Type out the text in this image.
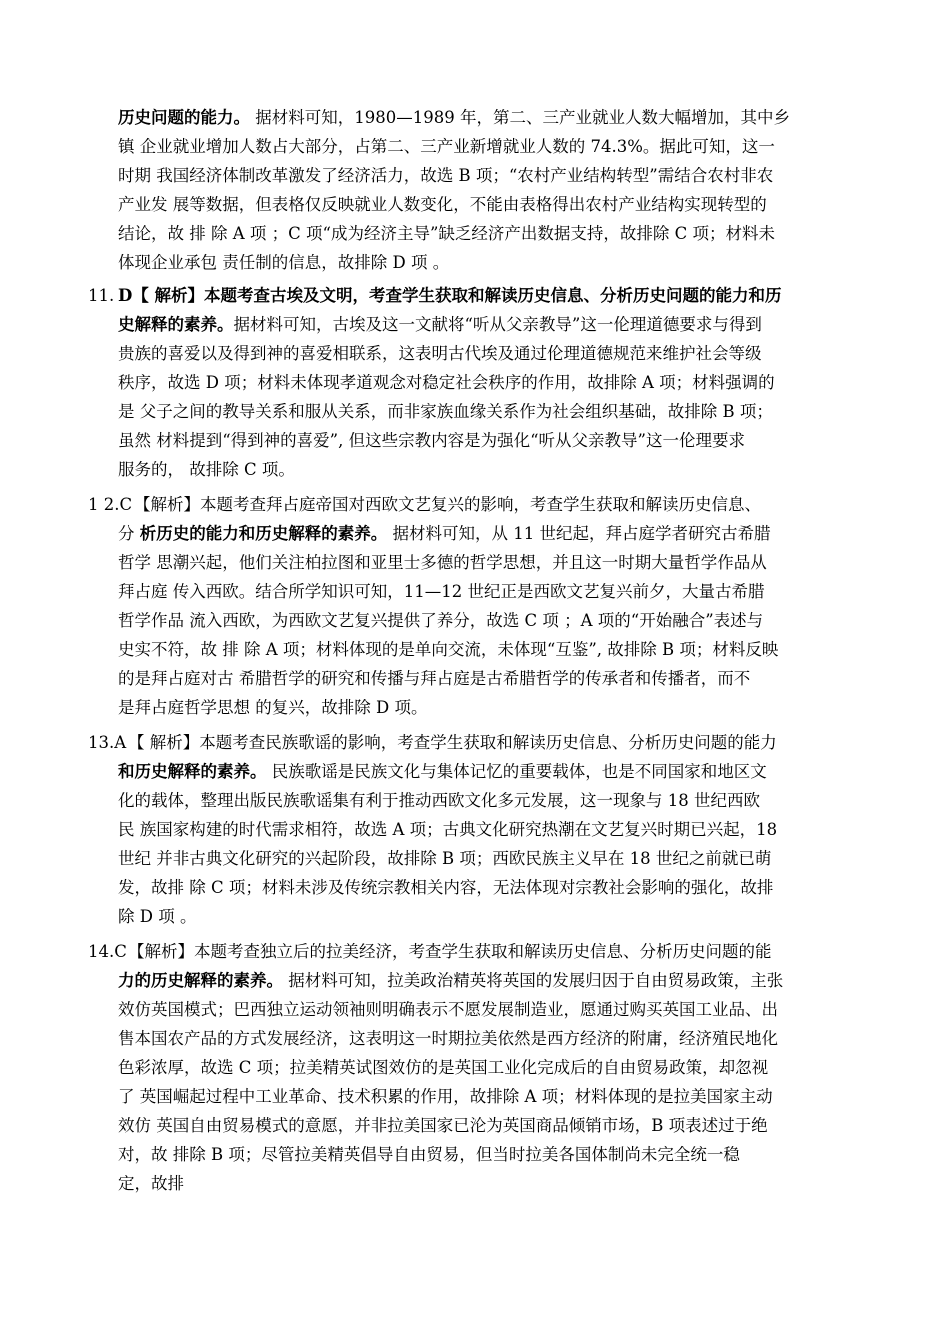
历史问题的能力。 据材料可知，1980—1989 年，第二、三产业就业人数大幅增加，其中乡
镇 企业就业增加人数占大部分，占第二、三产业新增就业人数的 74.3%。据此可知，这一
时期 我国经济体制改革激发了经济活力，故选 B 项；“农村产业结构转型”需结合农村非农
产业发 展等数据，但表格仅反映就业人数变化，不能由表格得出农村产业结构实现转型的
结论，故 排 除 A 项 ；C 项“成为经济主导”缺乏经济产出数据支持，故排除 C 项；材料未
体现企业承包 责任制的信息，故排除 D 项 。
11. D【 解析】本题考查古埃及文明，考查学生获取和解读历史信息、分析历史问题的能力和历
史解释的素养。据材料可知，古埃及这一文献将“听从父亲教导”这一伦理道德要求与得到
贵族的喜爱以及得到神的喜爱相联系，这表明古代埃及通过伦理道德规范来维护社会等级
秩序，故选 D 项；材料未体现孝道观念对稳定社会秩序的作用，故排除 A 项；材料强调的
是 父子之间的教导关系和服从关系，而非家族血缘关系作为社会组织基础，故排除 B 项；
虽然 材料提到“得到神的喜爱”, 但这些宗教内容是为强化“听从父亲教导”这一伦理要求
服务的， 故排除 C 项。
1 2.C 【解析】本题考查拜占庭帝国对西欧文艺复兴的影响，考查学生获取和解读历史信息、
分 析历史的能力和历史解释的素养。 据材料可知，从 11 世纪起，拜占庭学者研究古希腊
哲学 思潮兴起，他们关注柏拉图和亚里士多德的哲学思想，并且这一时期大量哲学作品从
拜占庭 传入西欧。结合所学知识可知，11—12 世纪正是西欧文艺复兴前夕，大量古希腊
哲学作品 流入西欧，为西欧文艺复兴提供了养分，故选 C 项 ；A 项的“开始融合”表述与
史实不符，故 排 除 A 项；材料体现的是单向交流，未体现“互鉴”, 故排除 B 项；材料反映
的是拜占庭对古 希腊哲学的研究和传播与拜占庭是古希腊哲学的传承者和传播者，而不
是拜占庭哲学思想 的复兴，故排除 D 项。
13.A 【 解析】本题考查民族歌谣的影响，考查学生获取和解读历史信息、分析历史问题的能力
和历史解释的素养。 民族歌谣是民族文化与集体记忆的重要载体，也是不同国家和地区文
化的载体，整理出版民族歌谣集有利于推动西欧文化多元发展，这一现象与 18 世纪西欧
民 族国家构建的时代需求相符，故选 A 项；古典文化研究热潮在文艺复兴时期已兴起，18
世纪 并非古典文化研究的兴起阶段，故排除 B 项；西欧民族主义早在 18 世纪之前就已萌
发，故排 除 C 项；材料未涉及传统宗教相关内容，无法体现对宗教社会影响的强化，故排
除 D 项 。
14.C 【解析】本题考查独立后的拉美经济，考查学生获取和解读历史信息、分析历史问题的能
力的历史解释的素养。 据材料可知，拉美政治精英将英国的发展归因于自由贸易政策，主张
效仿英国模式；巴西独立运动领袖则明确表示不愿发展制造业，愿通过购买英国工业品、出
售本国农产品的方式发展经济，这表明这一时期拉美依然是西方经济的附庸，经济殖民地化
色彩浓厚，故选 C 项；拉美精英试图效仿的是英国工业化完成后的自由贸易政策，却忽视
了 英国崛起过程中工业革命、技术积累的作用，故排除 A 项；材料体现的是拉美国家主动
效仿 英国自由贸易模式的意愿，并非拉美国家已沦为英国商品倾销市场，B 项表述过于绝
对，故 排除 B 项；尽管拉美精英倡导自由贸易，但当时拉美各国体制尚未完全统一稳
定，故排
